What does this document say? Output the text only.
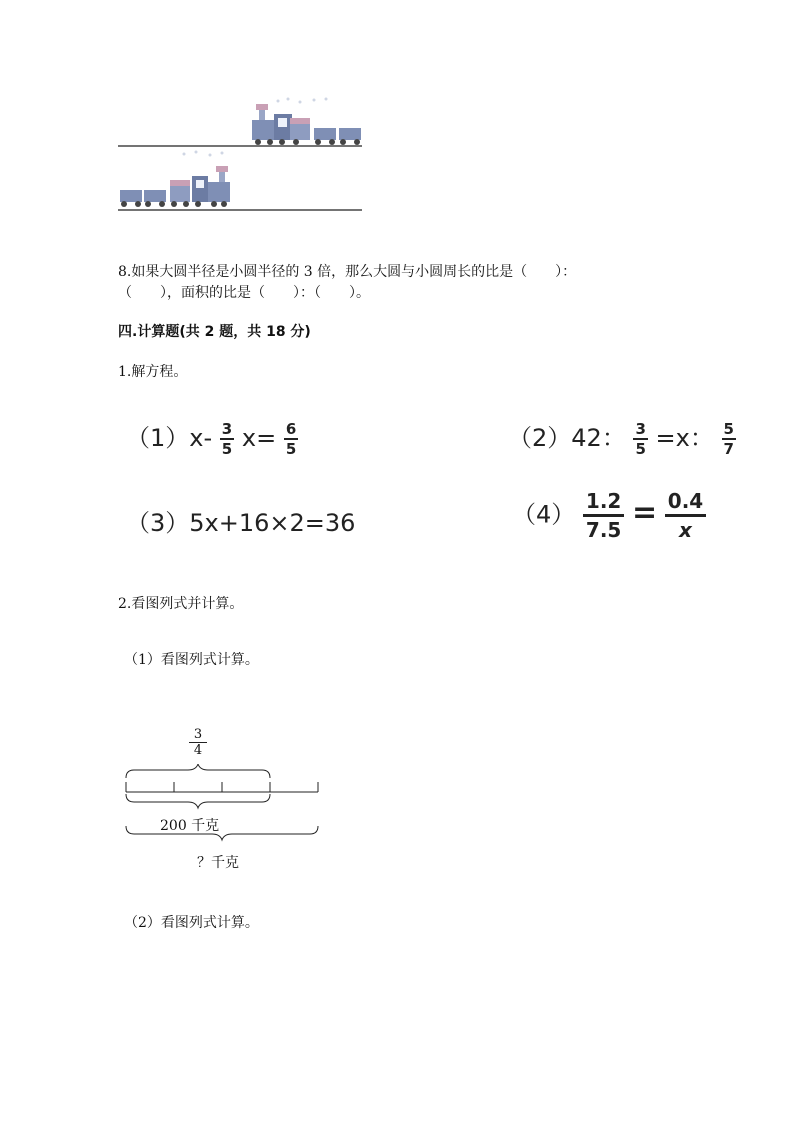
8.如果大圆半径是小圆半径的 3 倍，那么大圆与小圆周长的比是（　　）：
（　　），面积的比是（　　）：（　　）。
四.计算题(共 2 题，共 18 分)
1.解方程。
$(1)x- \frac{3}{5} x= \frac{6}{5}$	（2）42： $\frac{3}{5} =x$： $\frac{5}{7}$
（3）5x+16×2=36	$(4) \frac{1.2}{7.5} = \frac{0.4}{x}$
2.看图列式并计算。
（1）看图列式计算。
$\frac{3}{4}$
200 千克
？千克
（2）看图列式计算。
